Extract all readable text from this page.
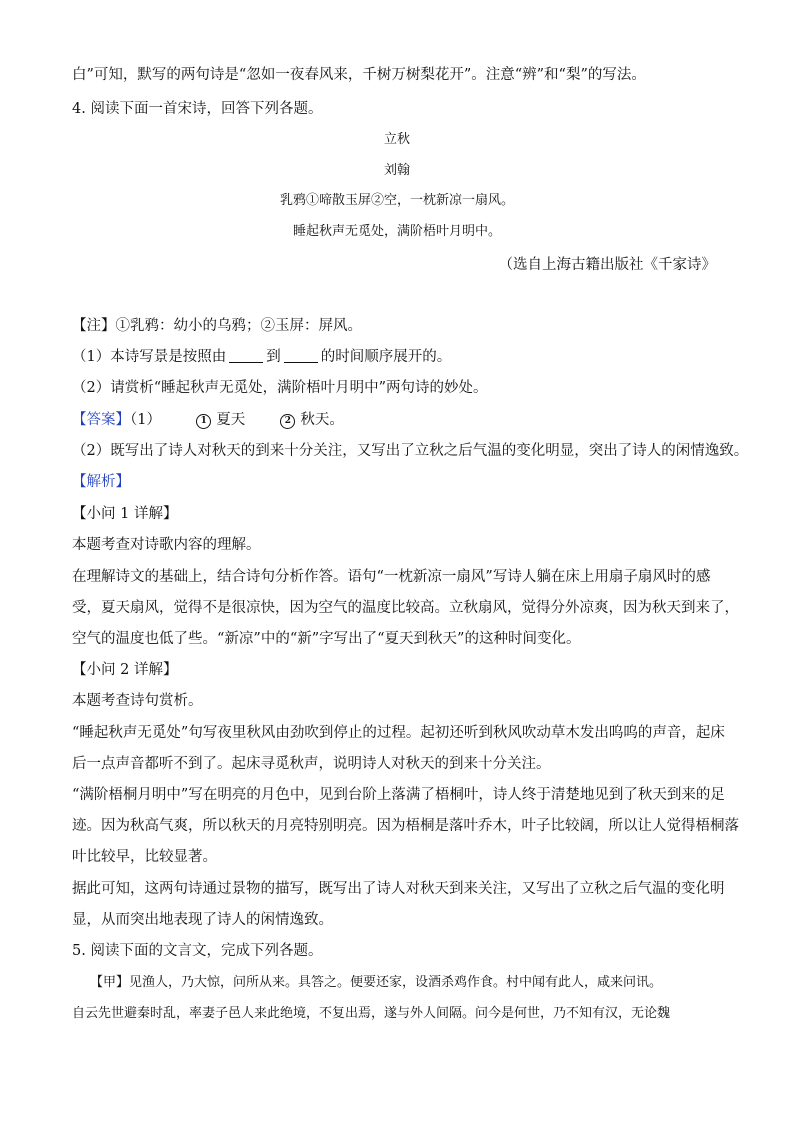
白”可知，默写的两句诗是“忽如一夜春风来，千树万树梨花开”。注意“辨”和“梨”的写法。
4. 阅读下面一首宋诗，回答下列各题。
立秋
刘翰
乳鸦①啼散玉屏②空，一枕新凉一扇风。
睡起秋声无觅处，满阶梧叶月明中。
（选自上海古籍出版社《千家诗》
【注】①乳鸦：幼小的乌鸦；②玉屏：屏风。
（1）本诗写景是按照由	到	的时间顺序展开的。
（2）请赏析“睡起秋声无觅处，满阶梧叶月明中”两句诗的妙处。
【答案】（1）	1 夏天	2 秋天。
（2）既写出了诗人对秋天的到来十分关注，又写出了立秋之后气温的变化明显，突出了诗人的闲情逸致。
【解析】
【小问 1 详解】
本题考查对诗歌内容的理解。
在理解诗文的基础上，结合诗句分析作答。语句“一枕新凉一扇风”写诗人躺在床上用扇子扇风时的感
受，夏天扇风，觉得不是很凉快，因为空气的温度比较高。立秋扇风，觉得分外凉爽，因为秋天到来了，
空气的温度也低了些。“新凉”中的“新”字写出了“夏天到秋天”的这种时间变化。
【小问 2 详解】
本题考查诗句赏析。
“睡起秋声无觅处”句写夜里秋风由劲吹到停止的过程。起初还听到秋风吹动草木发出呜呜的声音，起床
后一点声音都听不到了。起床寻觅秋声，说明诗人对秋天的到来十分关注。
“满阶梧桐月明中”写在明亮的月色中，见到台阶上落满了梧桐叶，诗人终于清楚地见到了秋天到来的足
迹。因为秋高气爽，所以秋天的月亮特别明亮。因为梧桐是落叶乔木，叶子比较阔，所以让人觉得梧桐落
叶比较早，比较显著。
据此可知，这两句诗通过景物的描写，既写出了诗人对秋天到来关注，又写出了立秋之后气温的变化明
显，从而突出地表现了诗人的闲情逸致。
5. 阅读下面的文言文，完成下列各题。
【甲】见渔人，乃大惊，问所从来。具答之。便要还家，设酒杀鸡作食。村中闻有此人，咸来问讯。
自云先世避秦时乱，率妻子邑人来此绝境，不复出焉，遂与外人间隔。问今是何世，乃不知有汉，无论魏
